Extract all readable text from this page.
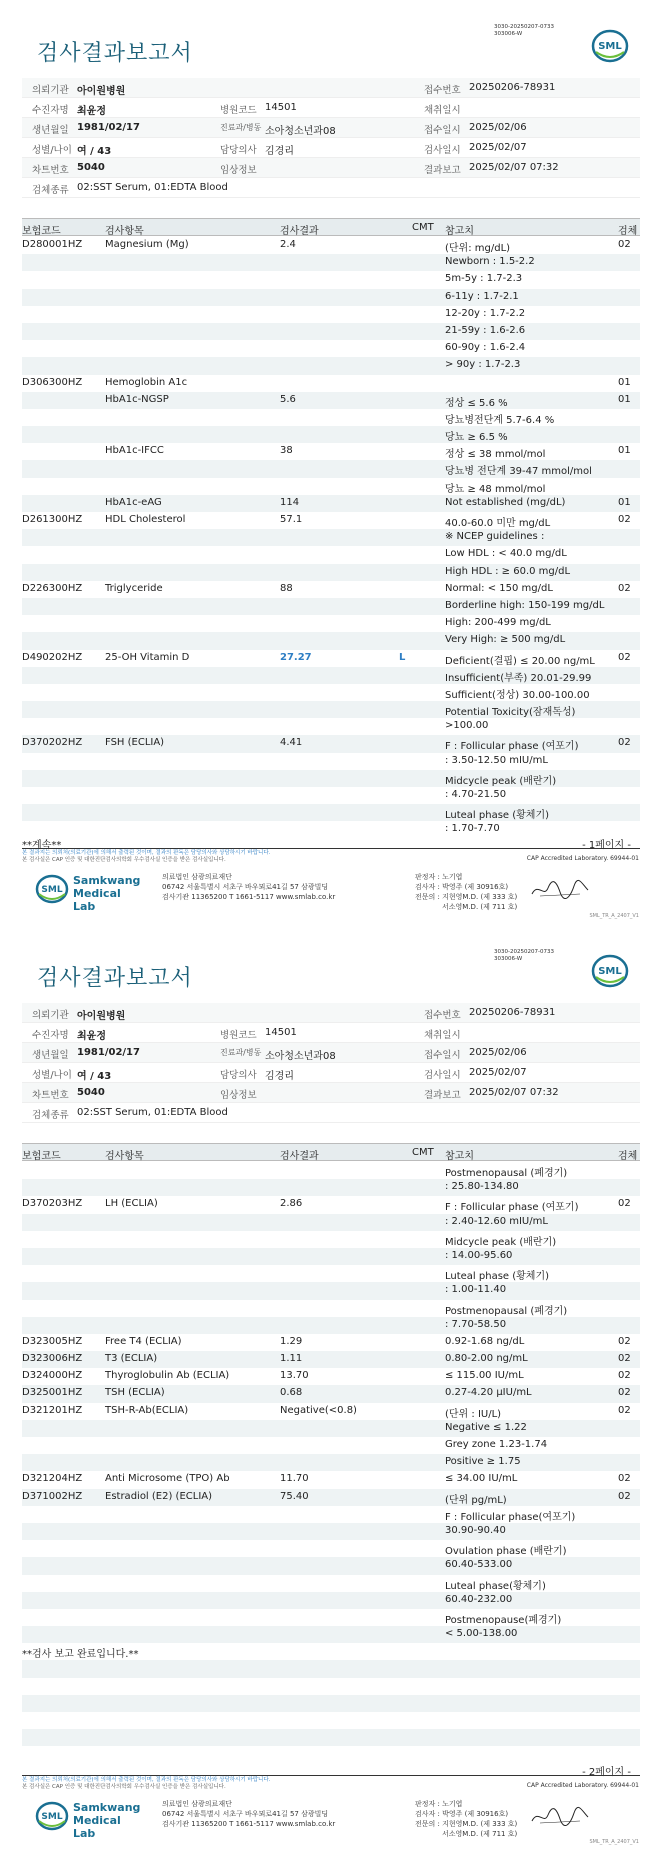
검사결과보고서
3030-20250207-0733
303006-W
SML
의뢰기관 아이원병원	접수번호 20250206-78931
수진자명 최윤정	병원코드 14501	채취일시
생년월일 1981/02/17	진료과/병동 소아청소년과08	접수일시 2025/02/06
성별/나이 여 / 43	담당의사 김경리	검사일시 2025/02/07
차트번호 5040	임상정보	결과보고 2025/02/07 07:32
검체종류 02:SST Serum, 01:EDTA Blood
보험코드	검사항목	검사결과	CMT 참고치	검체
D280001HZ Magnesium (Mg)	2.4	(단위: mg/dL)	02
Newborn : 1.5-2.2
5m-5y : 1.7-2.3
6-11y : 1.7-2.1
12-20y : 1.7-2.2
21-59y : 1.6-2.6
60-90y : 1.6-2.4
> 90y : 1.7-2.3
D306300HZ Hemoglobin A1c	01
HbA1c-NGSP	5.6	정상 ≤ 5.6 %	01
당뇨병전단계 5.7-6.4 %
당뇨 ≥ 6.5 %
HbA1c-IFCC	38	정상 ≤ 38 mmol/mol	01
당뇨병 전단계 39-47 mmol/mol
당뇨 ≥ 48 mmol/mol
HbA1c-eAG	114	Not established (mg/dL)	01
D261300HZ HDL Cholesterol	57.1	40.0-60.0 미만 mg/dL	02
※ NCEP guidelines :
Low HDL : < 40.0 mg/dL
High HDL : ≥ 60.0 mg/dL
D226300HZ Triglyceride	88	Normal: < 150 mg/dL	02
Borderline high: 150-199 mg/dL
High: 200-499 mg/dL
Very High: ≥ 500 mg/dL
D490202HZ 25-OH Vitamin D	27.27	L	Deficient(결핍) ≤ 20.00 ng/mL 02
Insufficient(부족) 20.01-29.99
Sufficient(정상) 30.00-100.00
Potential Toxicity(잠재독성)
>100.00
D370202HZ FSH (ECLIA)	4.41	F : Follicular phase (여포기)	02
: 3.50-12.50 mIU/mL
Midcycle peak (배란기)
: 4.70-21.50
Luteal phase (황체기)
: 1.70-7.70
**계속**	- 1페이지 -
본 결과지는 의뢰처(의료기관)에 의해서 출력된 것이며, 결과의 판독은 담당의사와 상담하시기 바랍니다.
본 검사실은 CAP 인증 및 대한진단검사의학회 우수검사실 인증을 받은 검사실입니다.	CAP Accredited Laboratory. 69944-01
SML
Samkwang
Medical Lab
의료법인 삼광의료재단
06742 서울특별시 서초구 바우뫼로41길 57 삼광빌딩
검사기관 11365200 T 1661-5117 www.smlab.co.kr
판정자 : 노기엽
검사자 : 박영주 (제 30916호)
전문의 : 지현영M.D. (제 333 호)
서소영M.D. (제 711 호)
SML_TR_A_2407_V1
검사결과보고서
3030-20250207-0733
303006-W
SML
의뢰기관 아이원병원	접수번호 20250206-78931
수진자명 최윤정	병원코드 14501	채취일시
생년월일 1981/02/17	진료과/병동 소아청소년과08	접수일시 2025/02/06
성별/나이 여 / 43	담당의사 김경리	검사일시 2025/02/07
차트번호 5040	임상정보	결과보고 2025/02/07 07:32
검체종류 02:SST Serum, 01:EDTA Blood
보험코드	검사항목	검사결과	CMT 참고치	검체
Postmenopausal (폐경기)
: 25.80-134.80
D370203HZ LH (ECLIA)	2.86	F : Follicular phase (여포기)	02
: 2.40-12.60 mIU/mL
Midcycle peak (배란기)
: 14.00-95.60
Luteal phase (황체기)
: 1.00-11.40
Postmenopausal (폐경기)
: 7.70-58.50
D323005HZ Free T4 (ECLIA)	1.29	0.92-1.68 ng/dL	02
D323006HZ T3 (ECLIA)	1.11	0.80-2.00 ng/mL	02
D324000HZ Thyroglobulin Ab (ECLIA)	13.70	≤ 115.00 IU/mL	02
D325001HZ TSH (ECLIA)	0.68	0.27-4.20 μIU/mL	02
D321201HZ TSH-R-Ab(ECLIA)	Negative(<0.8)	(단위 : IU/L)	02
Negative ≤ 1.22
Grey zone 1.23-1.74
Positive ≥ 1.75
D321204HZ Anti Microsome (TPO) Ab	11.70	≤ 34.00 IU/mL	02
D371002HZ Estradiol (E2) (ECLIA)	75.40	(단위 pg/mL)	02
F : Follicular phase(여포기)
30.90-90.40
Ovulation phase (배란기)
60.40-533.00
Luteal phase(황체기)
60.40-232.00
Postmenopause(폐경기)
< 5.00-138.00
**검사 보고 완료입니다.**
- 2페이지 -
본 결과지는 의뢰처(의료기관)에 의해서 출력된 것이며, 결과의 판독은 담당의사와 상담하시기 바랍니다.
본 검사실은 CAP 인증 및 대한진단검사의학회 우수검사실 인증을 받은 검사실입니다.	CAP Accredited Laboratory. 69944-01
SML
Samkwang
Medical Lab
의료법인 삼광의료재단
06742 서울특별시 서초구 바우뫼로41길 57 삼광빌딩
검사기관 11365200 T 1661-5117 www.smlab.co.kr
판정자 : 노기엽
검사자 : 박영주 (제 30916호)
전문의 : 지현영M.D. (제 333 호)
서소영M.D. (제 711 호)
SML_TR_A_2407_V1
